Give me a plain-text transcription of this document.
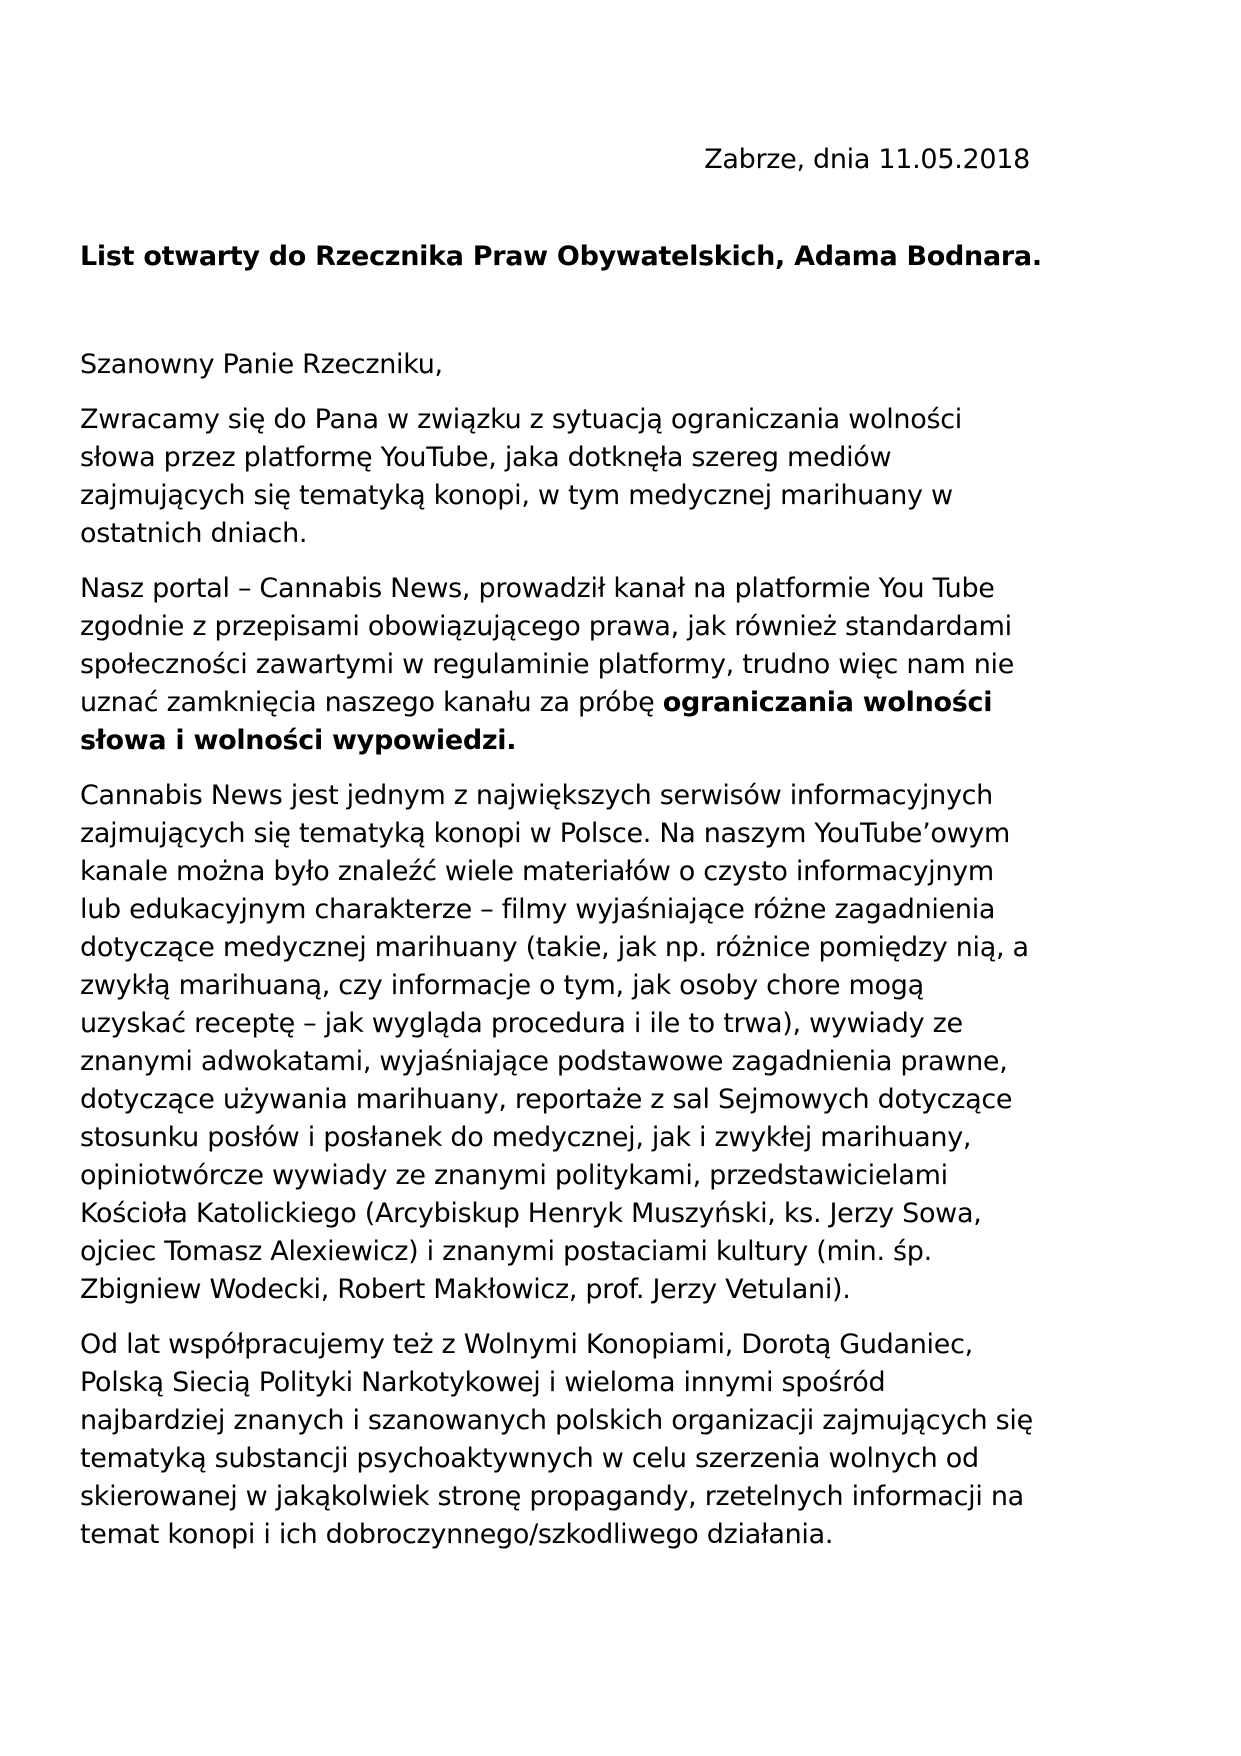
Zabrze, dnia 11.05.2018
List otwarty do Rzecznika Praw Obywatelskich, Adama Bodnara.
Szanowny Panie Rzeczniku,
Zwracamy się do Pana w związku z sytuacją ograniczania wolności
słowa przez platformę YouTube, jaka dotknęła szereg mediów
zajmujących się tematyką konopi, w tym medycznej marihuany w
ostatnich dniach.
Nasz portal – Cannabis News, prowadził kanał na platformie You Tube
zgodnie z przepisami obowiązującego prawa, jak również standardami
społeczności zawartymi w regulaminie platformy, trudno więc nam nie
uznać zamknięcia naszego kanału za próbę ograniczania wolności
słowa i wolności wypowiedzi.
Cannabis News jest jednym z największych serwisów informacyjnych
zajmujących się tematyką konopi w Polsce. Na naszym YouTube’owym
kanale można było znaleźć wiele materiałów o czysto informacyjnym
lub edukacyjnym charakterze – filmy wyjaśniające różne zagadnienia
dotyczące medycznej marihuany (takie, jak np. różnice pomiędzy nią, a
zwykłą marihuaną, czy informacje o tym, jak osoby chore mogą
uzyskać receptę – jak wygląda procedura i ile to trwa), wywiady ze
znanymi adwokatami, wyjaśniające podstawowe zagadnienia prawne,
dotyczące używania marihuany, reportaże z sal Sejmowych dotyczące
stosunku posłów i posłanek do medycznej, jak i zwykłej marihuany,
opiniotwórcze wywiady ze znanymi politykami, przedstawicielami
Kościoła Katolickiego (Arcybiskup Henryk Muszyński, ks. Jerzy Sowa,
ojciec Tomasz Alexiewicz) i znanymi postaciami kultury (min. śp.
Zbigniew Wodecki, Robert Makłowicz, prof. Jerzy Vetulani).
Od lat współpracujemy też z Wolnymi Konopiami, Dorotą Gudaniec,
Polską Siecią Polityki Narkotykowej i wieloma innymi spośród
najbardziej znanych i szanowanych polskich organizacji zajmujących się
tematyką substancji psychoaktywnych w celu szerzenia wolnych od
skierowanej w jakąkolwiek stronę propagandy, rzetelnych informacji na
temat konopi i ich dobroczynnego/szkodliwego działania.
